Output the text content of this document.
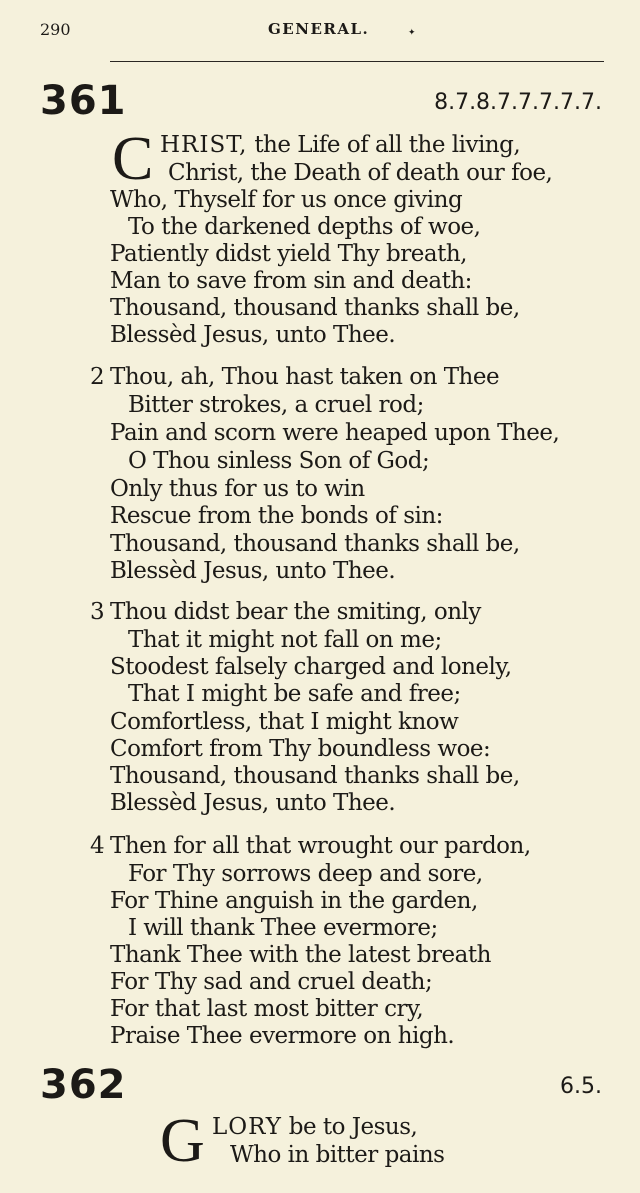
290	GENERAL.	✦
361	8.7.8.7.7.7.7.7.
C HRIST, the Life of all the living,
Christ, the Death of death our foe,
Who, Thyself for us once giving
To the darkened depths of woe,
Patiently didst yield Thy breath,
Man to save from sin and death:
Thousand, thousand thanks shall be,
Blessèd Jesus, unto Thee.
2 Thou, ah, Thou hast taken on Thee
Bitter strokes, a cruel rod;
Pain and scorn were heaped upon Thee,
O Thou sinless Son of God;
Only thus for us to win
Rescue from the bonds of sin:
Thousand, thousand thanks shall be,
Blessèd Jesus, unto Thee.
3 Thou didst bear the smiting, only
That it might not fall on me;
Stoodest falsely charged and lonely,
That I might be safe and free;
Comfortless, that I might know
Comfort from Thy boundless woe:
Thousand, thousand thanks shall be,
Blessèd Jesus, unto Thee.
4 Then for all that wrought our pardon,
For Thy sorrows deep and sore,
For Thine anguish in the garden,
I will thank Thee evermore;
Thank Thee with the latest breath
For Thy sad and cruel death;
For that last most bitter cry,
Praise Thee evermore on high.
362	6.5.
G LORY be to Jesus,
Who in bitter pains
